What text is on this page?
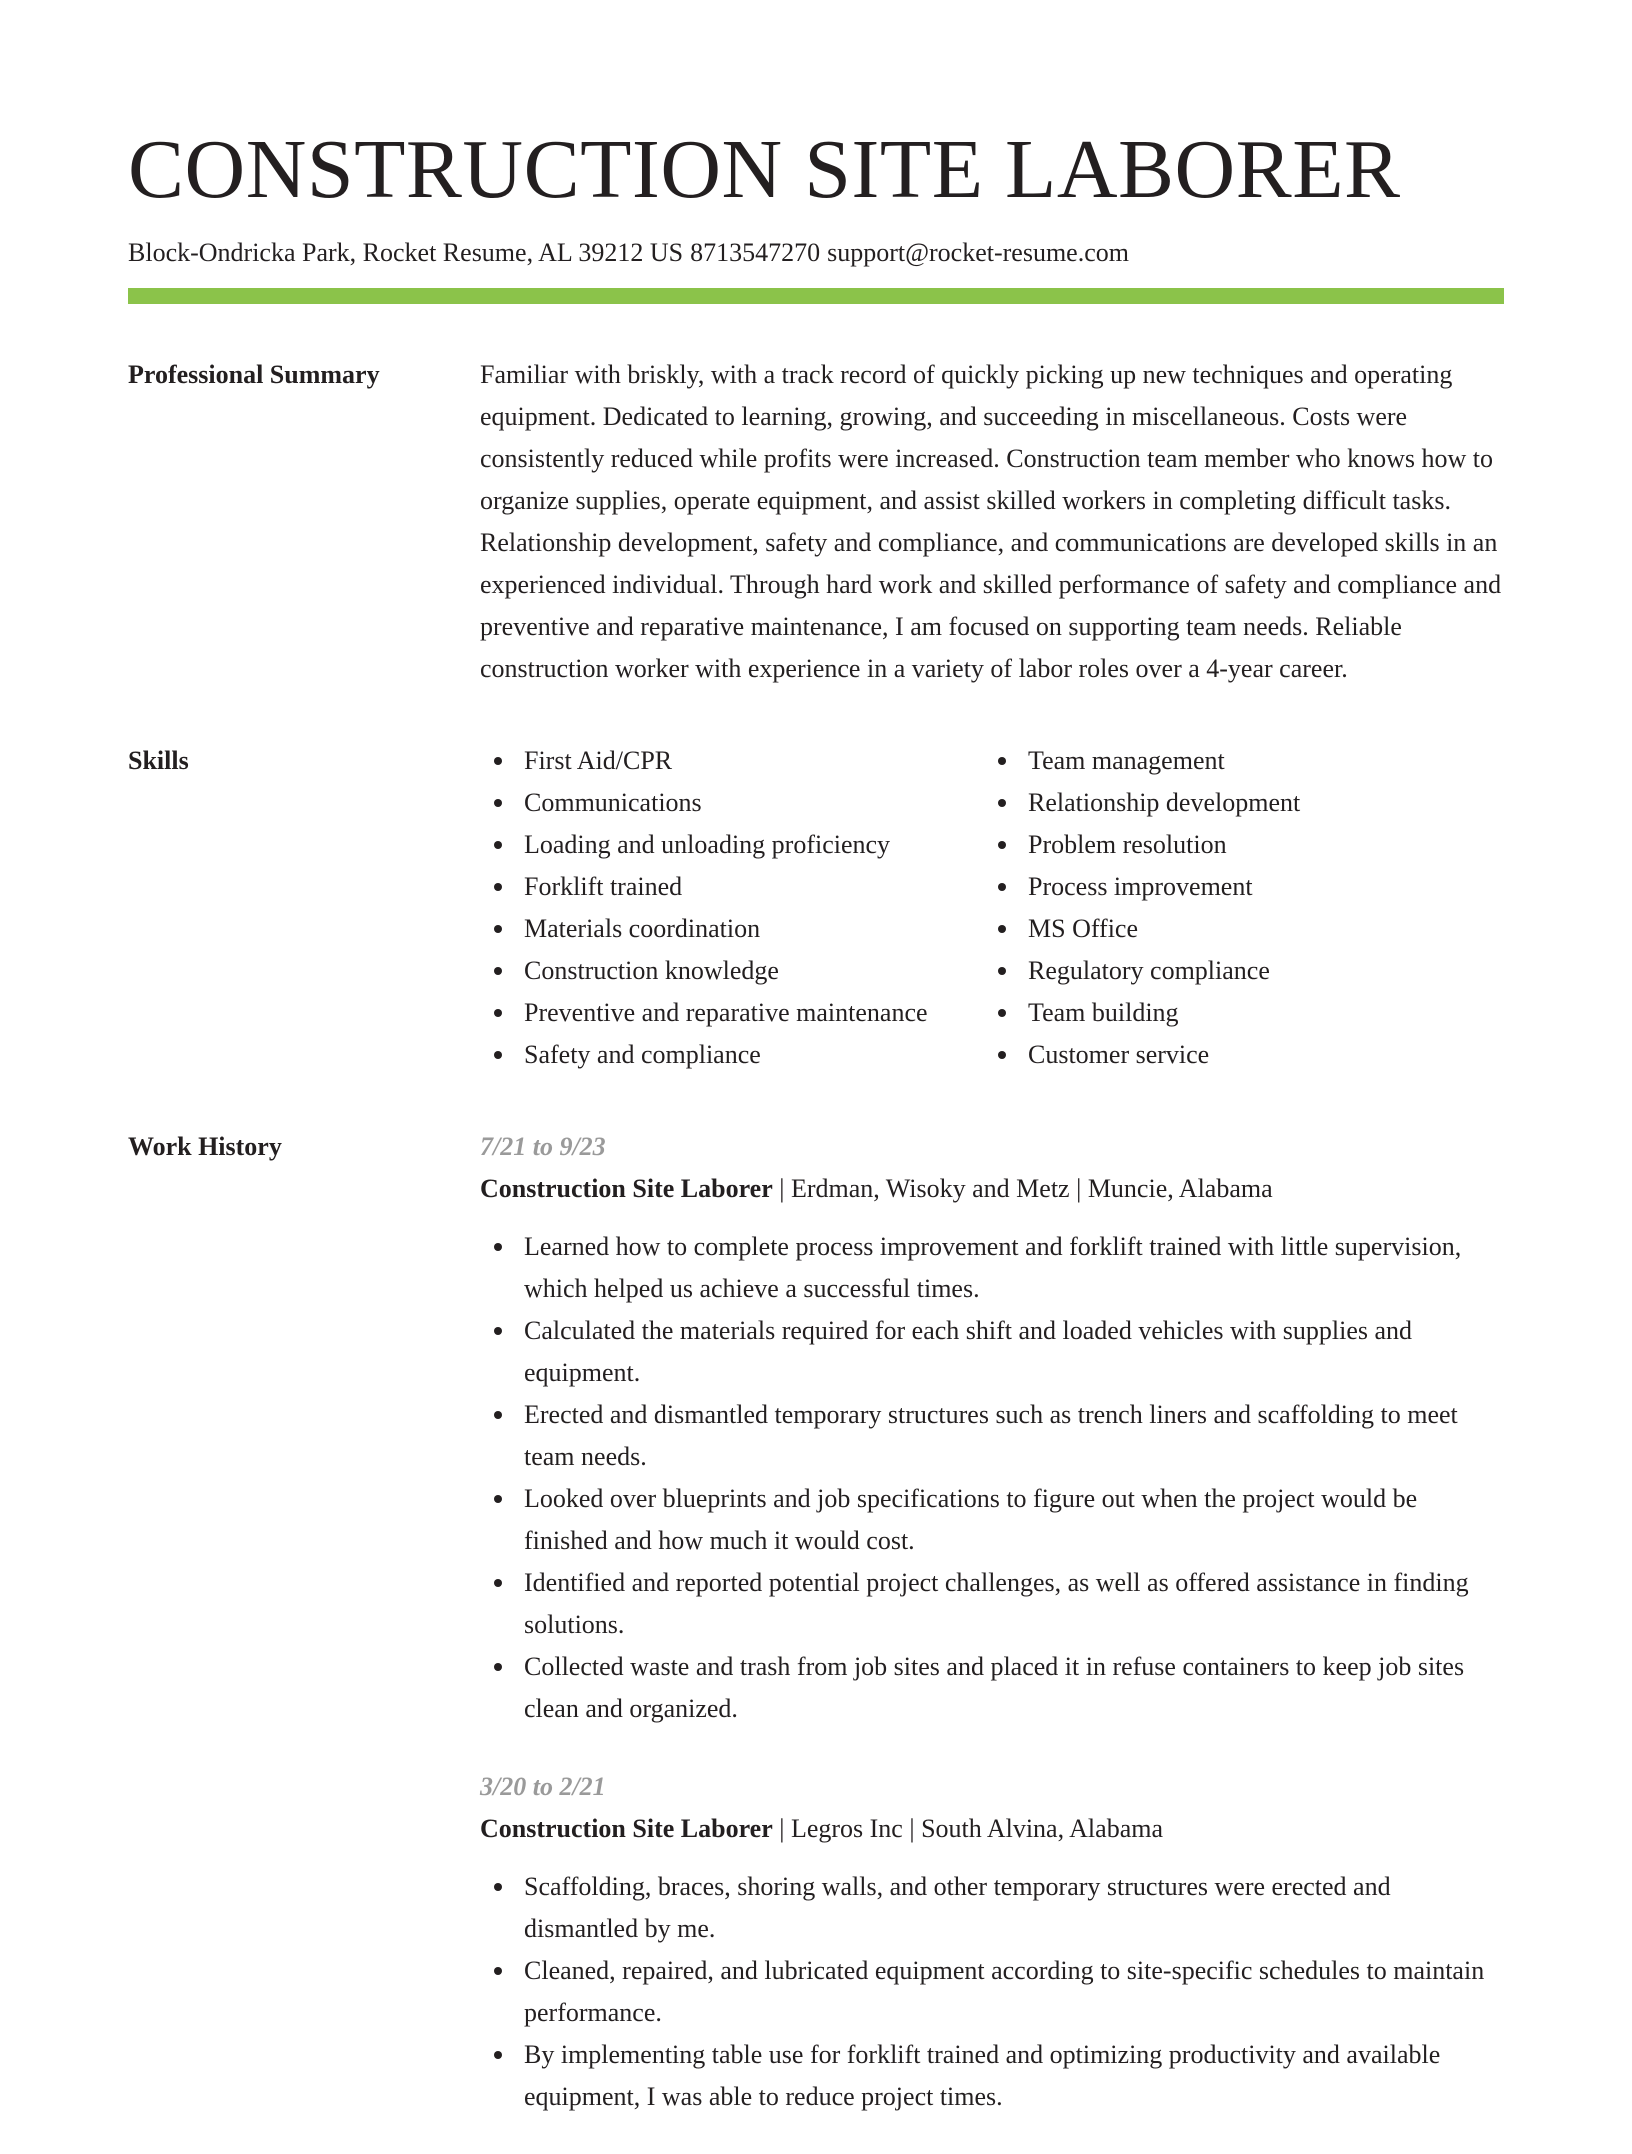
CONSTRUCTION SITE LABORER
Block-Ondricka Park, Rocket Resume, AL 39212 US 8713547270 support@rocket-resume.com
Professional Summary	Familiar with briskly, with a track record of quickly picking up new techniques and operating equipment. Dedicated to learning, growing, and succeeding in miscellaneous. Costs were consistently reduced while profits were increased. Construction team member who knows how to organize supplies, operate equipment, and assist skilled workers in completing difficult tasks. Relationship development, safety and compliance, and communications are developed skills in an experienced individual. Through hard work and skilled performance of safety and compliance and preventive and reparative maintenance, I am focused on supporting team needs. Reliable construction worker with experience in a variety of labor roles over a 4-year career.

Skills	First Aid/CPR
Communications
Loading and unloading proficiency
Forklift trained
Materials coordination
Construction knowledge
Preventive and reparative maintenance
Safety and compliance
Team management
Relationship development
Problem resolution
Process improvement
MS Office
Regulatory compliance
Team building
Customer service
Work History	7/21 to 9/23
Construction Site Laborer | Erdman, Wisoky and Metz | Muncie, Alabama
Learned how to complete process improvement and forklift trained with little supervision, which helped us achieve a successful times.
Calculated the materials required for each shift and loaded vehicles with supplies and equipment.
Erected and dismantled temporary structures such as trench liners and scaffolding to meet team needs.
Looked over blueprints and job specifications to figure out when the project would be finished and how much it would cost.
Identified and reported potential project challenges, as well as offered assistance in finding solutions.
Collected waste and trash from job sites and placed it in refuse containers to keep job sites clean and organized.
3/20 to 2/21
Construction Site Laborer | Legros Inc | South Alvina, Alabama
Scaffolding, braces, shoring walls, and other temporary structures were erected and dismantled by me.
Cleaned, repaired, and lubricated equipment according to site-specific schedules to maintain performance.
By implementing table use for forklift trained and optimizing productivity and available equipment, I was able to reduce project times.
